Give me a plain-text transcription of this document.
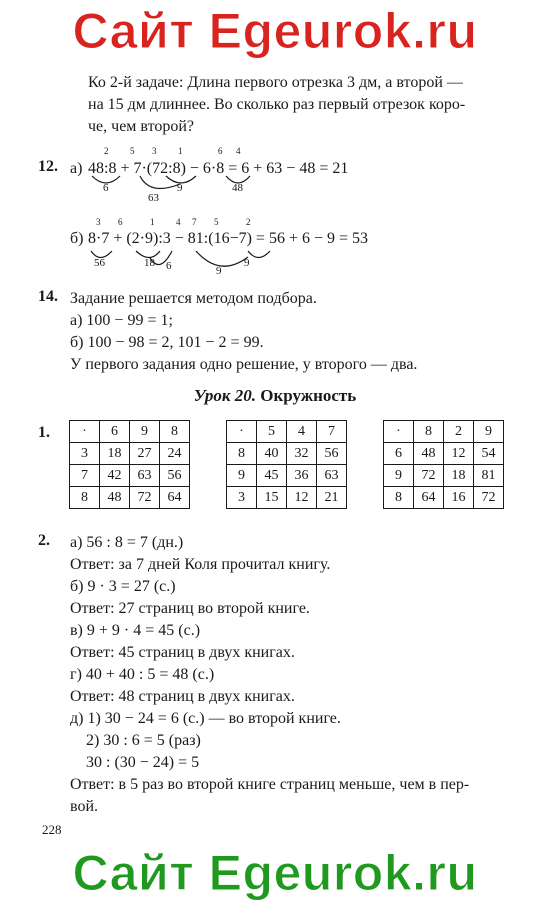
Сайт Egeurok.ru
Ко 2-й задаче: Длина первого отрезка 3 дм, а второй —
на 15 дм длиннее. Во сколько раз первый отрезок коро-
че, чем второй?
12. а) 48:8 + 7·(72:8) − 6·8 = 6 + 63 − 48 = 21
2 5 3 1	6 4
6	9
63
48
б) 8·7 + (2·9):3 − 81:(16−7) = 56 + 6 − 9 = 53
3 6	1 4 7 5	2
56	18 6	9
9
14. Задание решается методом подбора.
а) 100 − 99 = 1;
б) 100 − 98 = 2, 101 − 2 = 99.
У первого задания одно решение, у второго — два.
Урок 20. Окружность
1. ·	6	9	8
3	18	27	24
7	42	63	56
8	48	72	64
·	5	4	7
8	40	32	56
9	45	36	63
3	15	12	21
·	8	2	9
6	48	12	54
9	72	18	81
8	64	16	72
2. а) 56 : 8 = 7 (дн.)
Ответ: за 7 дней Коля прочитал книгу.
б) 9 · 3 = 27 (с.)
Ответ: 27 страниц во второй книге.
в) 9 + 9 · 4 = 45 (с.)
Ответ: 45 страниц в двух книгах.
г) 40 + 40 : 5 = 48 (с.)
Ответ: 48 страниц в двух книгах.
д) 1) 30 − 24 = 6 (с.) — во второй книге.
2) 30 : 6 = 5 (раз)
30 : (30 − 24) = 5
Ответ: в 5 раз во второй книге страниц меньше, чем в пер-
вой.
228
Сайт Egeurok.ru
